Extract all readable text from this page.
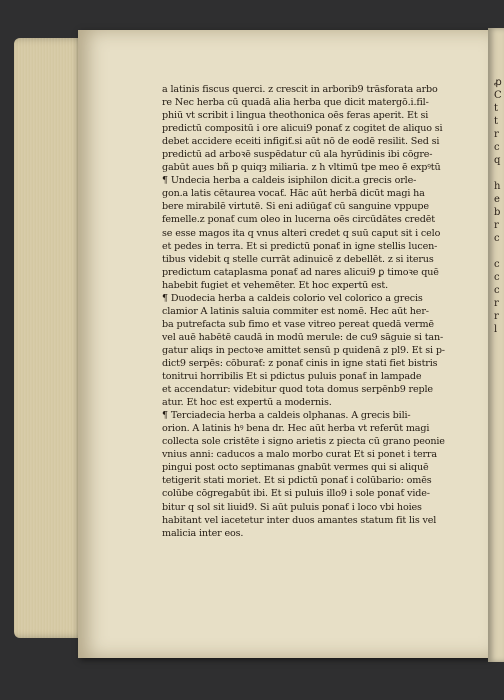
ꝓ
C
t
t
r
c
q

h
e
b
r
c

c
c
c
r
r
l
a latinis fiscus querci. z crescit in arborib9 trāsforata arbo
re Nec herba cū quadā alia herba que dicit matergō.i.fil-
phiū vt scribit i lingua theothonica oēs feras aperit. Et si
predictū compositū i ore alicui9 ponaƭ z cogitet de aliquo si
debet accidere eceiti infigiƭ.si aūt nō de eodē resilit. Sed si
predictū ad arboꝛē suspēdatur cū ala hyrūdinis ibi cōgre-
gabūt aues bñ p quiqȝ miliaria. z h vltimū tpe meo ē expꝰtū
¶ Undecia herba a caldeis isiphilon dicit.a grecis orle-
gon.a latis cētaurea vocaƭ. Hāc aūt herbā dicūt magi ha
bere mirabilē virtutē. Si eni adiūgaƭ cū sanguine vppupe
femelle.z ponaƭ cum oleo in lucerna oēs circūdātes credēt
se esse magos ita q vnus alteri credet q suū caput sit i celo
et pedes in terra. Et si predictū ponaƭ in igne stellis lucen-
tibus videbit q stelle currāt adinuicē z debellēt. z si iterus
predictum cataplasma ponaƭ ad nares alicui9 ꝑ timoꝛe quē
habebit fugiet et vehemēter. Et hoc expertū est.
¶ Duodecia herba a caldeis colorio vel colorico a grecis
clamior A latinis saluia commiter est nomē. Hec aūt her-
ba putrefacta sub fimo et vase vitreo pereat quedā vermē
vel auē habētē caudā in modū merule: de cu9 sāguie si tan-
gatur aliqs in pectoꝛe amittet sensū p quidenā z pl9. Et si p-
dict9 serpēs: cōburaƭ: z ponaƭ cinis in igne stati fiet bistris
tonitrui horribilis Et si pdictus puluis ponaƭ in lampade
et accendatur: videbitur quod tota domus serpēnb9 reple
atur. Et hoc est expertū a modernis.
¶ Terciadecia herba a caldeis olphanas. A grecis bili-
orion. A latinis hꝰ bena dr. Hec aūt herba vt referūt magi
collecta sole cristēte i signo arietis z piecta cū grano peonie
vnius anni: caducos a malo morbo curat Et si ponet i terra
pingui post octo septimanas gnabūt vermes qui si aliquē
tetigerit stati moriet. Et si pdictū ponaƭ i colūbario: omēs
colūbe cōgregabūt ibi. Et si puluis illo9 i sole ponaƭ vide-
bitur q sol sit liuid9. Si aūt puluis ponaƭ i loco vbi hoies
habitant vel iacetetur inter duos amantes statum fit lis vel
malicia inter eos.
